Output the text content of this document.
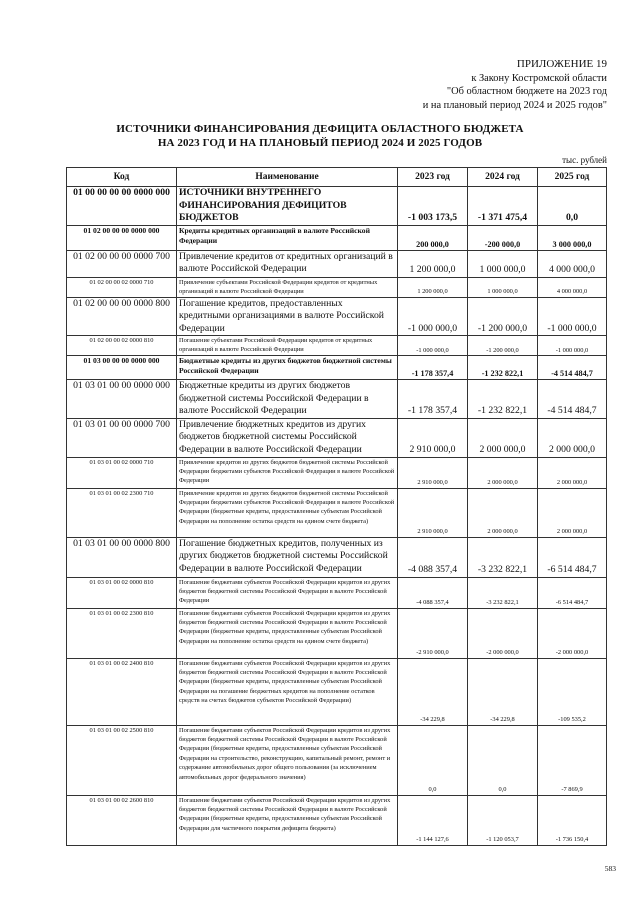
ПРИЛОЖЕНИЕ 19
к Закону Костромской области
"Об областном бюджете на 2023 год
и на плановый период 2024 и 2025 годов"
ИСТОЧНИКИ ФИНАНСИРОВАНИЯ ДЕФИЦИТА ОБЛАСТНОГО БЮДЖЕТА
НА 2023 ГОД И НА ПЛАНОВЫЙ ПЕРИОД 2024 И 2025 ГОДОВ
тыс. рублей
Код	Наименование	2023 год	2024 год	2025 год
01 00 00 00 00 0000 000	ИСТОЧНИКИ ВНУТРЕННЕГО ФИНАНСИРОВАНИЯ ДЕФИЦИТОВ БЮДЖЕТОВ	-1 003 173,5	-1 371 475,4	0,0
01 02 00 00 00 0000 000	Кредиты кредитных организаций в валюте Российской Федерации	200 000,0	-200 000,0	3 000 000,0
01 02 00 00 00 0000 700	Привлечение кредитов от кредитных организаций в валюте Российской Федерации	1 200 000,0	1 000 000,0	4 000 000,0
01 02 00 00 02 0000 710	Привлечение субъектами Российской Федерации кредитов от кредитных организаций в валюте Российской Федерации	1 200 000,0	1 000 000,0	4 000 000,0
01 02 00 00 00 0000 800	Погашение кредитов, предоставленных кредитными организациями в валюте Российской Федерации	-1 000 000,0	-1 200 000,0	-1 000 000,0
01 02 00 00 02 0000 810	Погашение субъектами Российской Федерации кредитов от кредитных организаций в валюте Российской Федерации	-1 000 000,0	-1 200 000,0	-1 000 000,0
01 03 00 00 00 0000 000	Бюджетные кредиты из других бюджетов бюджетной системы Российской Федерации	-1 178 357,4	-1 232 822,1	-4 514 484,7
01 03 01 00 00 0000 000	Бюджетные кредиты из других бюджетов бюджетной системы Российской Федерации в валюте Российской Федерации	-1 178 357,4	-1 232 822,1	-4 514 484,7
01 03 01 00 00 0000 700	Привлечение бюджетных кредитов из других бюджетов бюджетной системы Российской Федерации в валюте Российской Федерации	2 910 000,0	2 000 000,0	2 000 000,0
01 03 01 00 02 0000 710	Привлечение кредитов из других бюджетов бюджетной системы Российской Федерации бюджетами субъектов Российской Федерации в валюте Российской Федерации	2 910 000,0	2 000 000,0	2 000 000,0
01 03 01 00 02 2300 710	Привлечение кредитов из других бюджетов бюджетной системы Российской Федерации бюджетами субъектов Российской Федерации в валюте Российской Федерации (бюджетные кредиты, предоставленные субъектам Российской Федерации на пополнение остатка средств на едином счете бюджета)	2 910 000,0	2 000 000,0	2 000 000,0
01 03 01 00 00 0000 800	Погашение бюджетных кредитов, полученных из других бюджетов бюджетной системы Российской Федерации в валюте Российской Федерации	-4 088 357,4	-3 232 822,1	-6 514 484,7
01 03 01 00 02 0000 810	Погашение бюджетами субъектов Российской Федерации кредитов из других бюджетов бюджетной системы Российской Федерации в валюте Российской Федерации	-4 088 357,4	-3 232 822,1	-6 514 484,7
01 03 01 00 02 2300 810	Погашение бюджетами субъектов Российской Федерации кредитов из других бюджетов бюджетной системы Российской Федерации в валюте Российской Федерации (бюджетные кредиты, предоставленные субъектам Российской Федерации на пополнение остатка средств на едином счете бюджета)	-2 910 000,0	-2 000 000,0	-2 000 000,0
01 03 01 00 02 2400 810	Погашение бюджетами субъектов Российской Федерации кредитов из других бюджетов бюджетной системы Российской Федерации в валюте Российской Федерации (бюджетные кредиты, предоставленные субъектам Российской Федерации на погашение бюджетных кредитов на пополнение остатков средств на счетах бюджетов субъектов Российской Федерации)	-34 229,8	-34 229,8	-109 535,2
01 03 01 00 02 2500 810	Погашение бюджетами субъектов Российской Федерации кредитов из других бюджетов бюджетной системы Российской Федерации в валюте Российской Федерации (бюджетные кредиты, предоставленные субъектам Российской Федерации на строительство, реконструкцию, капитальный ремонт, ремонт и содержание автомобильных дорог общего пользования (за исключением автомобильных дорог федерального значения)	0,0	0,0	-7 869,9
01 03 01 00 02 2600 810	Погашение бюджетами субъектов Российской Федерации кредитов из других бюджетов бюджетной системы Российской Федерации в валюте Российской Федерации (бюджетные кредиты, предоставленные субъектам Российской Федерации для частичного покрытия дефицита бюджета)	-1 144 127,6	-1 120 053,7	-1 736 150,4
583
